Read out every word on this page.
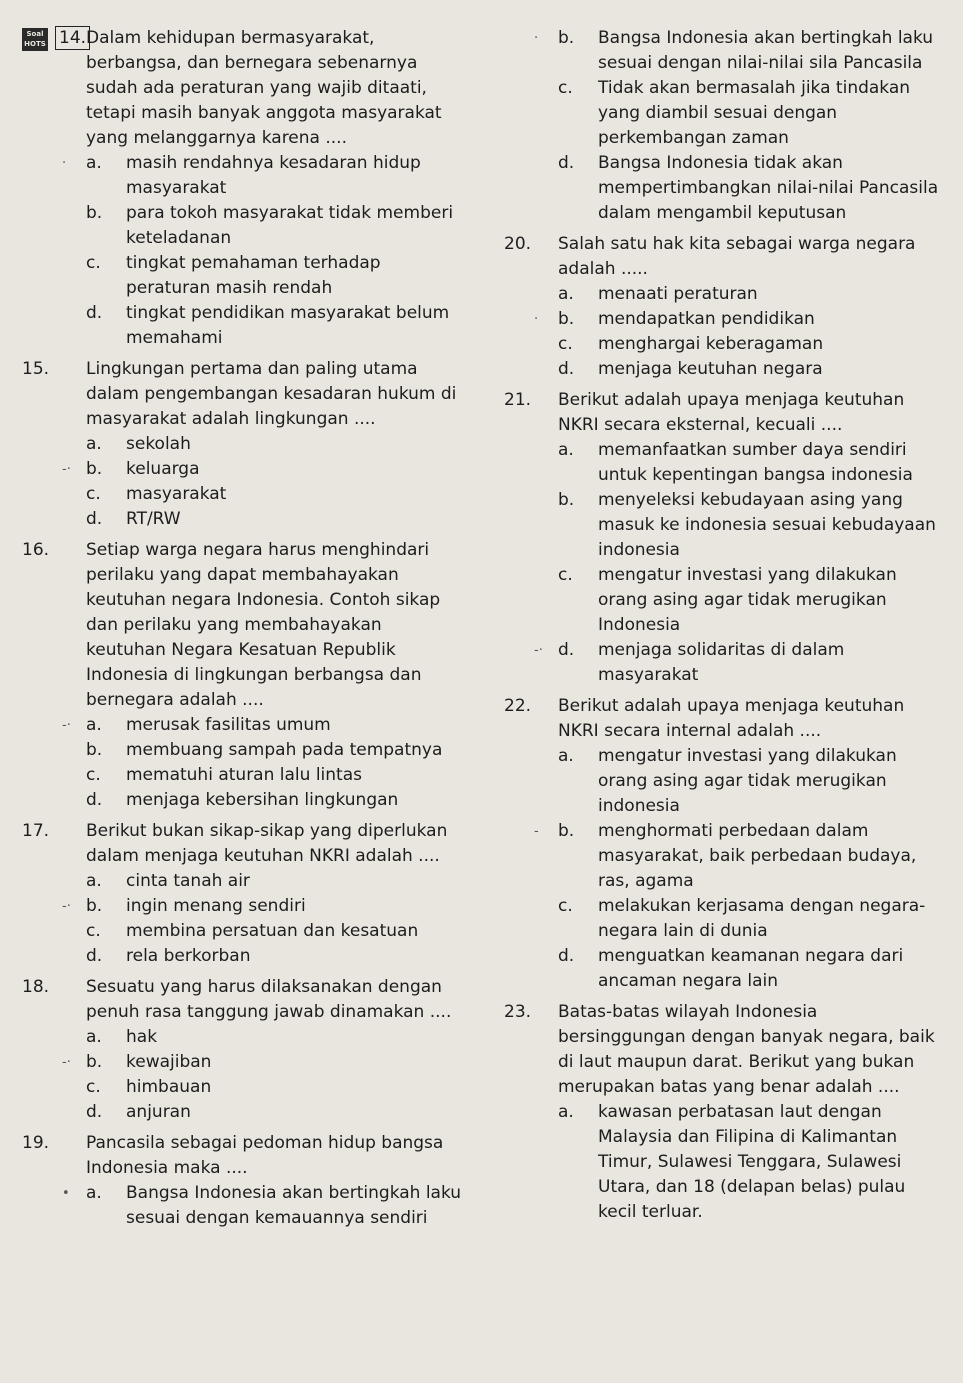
Soal HOTS 14. Dalam kehidupan bermasyarakat, berbangsa, dan bernegara sebenarnya sudah ada peraturan yang wajib ditaati, tetapi masih banyak anggota masyarakat yang melanggarnya karena ....
· a. masih rendahnya kesadaran hidup masyarakat
b. para tokoh masyarakat tidak memberi keteladanan
c. tingkat pemahaman terhadap peraturan masih rendah
d. tingkat pendidikan masyarakat belum memahami
15. Lingkungan pertama dan paling utama dalam pengembangan kesadaran hukum di masyarakat adalah lingkungan ....
a. sekolah
-· b. keluarga
c. masyarakat
d. RT/RW
16. Setiap warga negara harus menghindari perilaku yang dapat membahayakan keutuhan negara Indonesia. Contoh sikap dan perilaku yang membahayakan keutuhan Negara Kesatuan Republik Indonesia di lingkungan berbangsa dan bernegara adalah ....
-· a. merusak fasilitas umum
b. membuang sampah pada tempatnya
c. mematuhi aturan lalu lintas
d. menjaga kebersihan lingkungan
17. Berikut bukan sikap-sikap yang diperlukan dalam menjaga keutuhan NKRI adalah ....
a. cinta tanah air
-· b. ingin menang sendiri
c. membina persatuan dan kesatuan
d. rela berkorban
18. Sesuatu yang harus dilaksanakan dengan penuh rasa tanggung jawab dinamakan ....
a. hak
-· b. kewajiban
c. himbauan
d. anjuran
19. Pancasila sebagai pedoman hidup bangsa Indonesia maka ....
• a. Bangsa Indonesia akan bertingkah laku sesuai dengan kemauannya sendiri
· b. Bangsa Indonesia akan bertingkah laku sesuai dengan nilai-nilai sila Pancasila
c. Tidak akan bermasalah jika tindakan yang diambil sesuai dengan perkembangan zaman
d. Bangsa Indonesia tidak akan mempertimbangkan nilai-nilai Pancasila dalam mengambil keputusan
20. Salah satu hak kita sebagai warga negara adalah .....
a. menaati peraturan
· b. mendapatkan pendidikan
c. menghargai keberagaman
d. menjaga keutuhan negara
21. Berikut adalah upaya menjaga keutuhan NKRI secara eksternal, kecuali ....
a. memanfaatkan sumber daya sendiri untuk kepentingan bangsa indonesia
b. menyeleksi kebudayaan asing yang masuk ke indonesia sesuai kebudayaan indonesia
c. mengatur investasi yang dilakukan orang asing agar tidak merugikan Indonesia
-· d. menjaga solidaritas di dalam masyarakat
22. Berikut adalah upaya menjaga keutuhan NKRI secara internal adalah ....
a. mengatur investasi yang dilakukan orang asing agar tidak merugikan indonesia
- b. menghormati perbedaan dalam masyarakat, baik perbedaan budaya, ras, agama
c. melakukan kerjasama dengan negara-negara lain di dunia
d. menguatkan keamanan negara dari ancaman negara lain
23. Batas-batas wilayah Indonesia bersinggungan dengan banyak negara, baik di laut maupun darat. Berikut yang bukan merupakan batas yang benar adalah ....
a. kawasan perbatasan laut dengan Malaysia dan Filipina di Kalimantan Timur, Sulawesi Tenggara, Sulawesi Utara, dan 18 (delapan belas) pulau kecil terluar.
